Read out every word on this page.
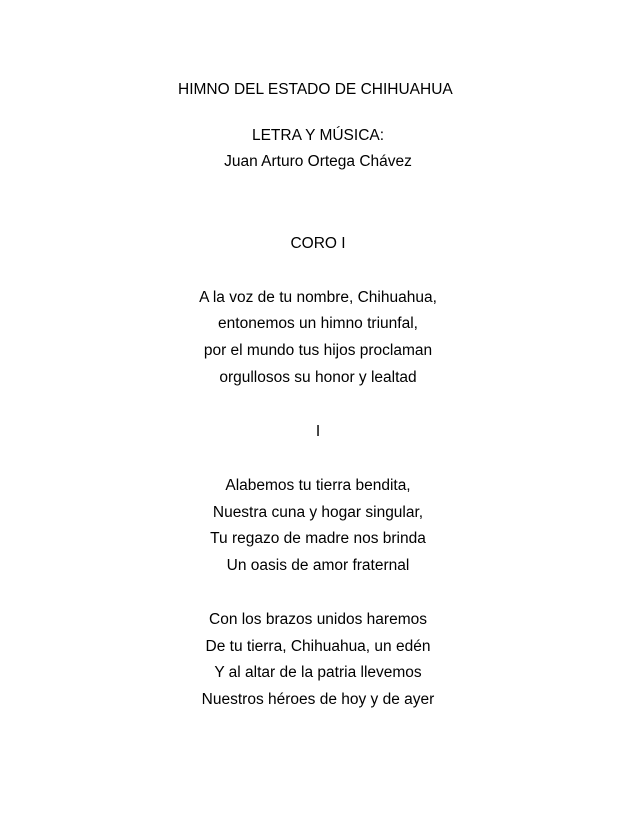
HIMNO DEL ESTADO DE CHIHUAHUA
LETRA Y MÚSICA:
Juan Arturo Ortega Chávez
CORO I
A la voz de tu nombre, Chihuahua,
entonemos un himno triunfal,
por el mundo tus hijos proclaman
orgullosos su honor y lealtad
I
Alabemos tu tierra bendita,
Nuestra cuna y hogar singular,
Tu regazo de madre nos brinda
Un oasis de amor fraternal
Con los brazos unidos haremos
De tu tierra, Chihuahua, un edén
Y al altar de la patria llevemos
Nuestros héroes de hoy y de ayer
